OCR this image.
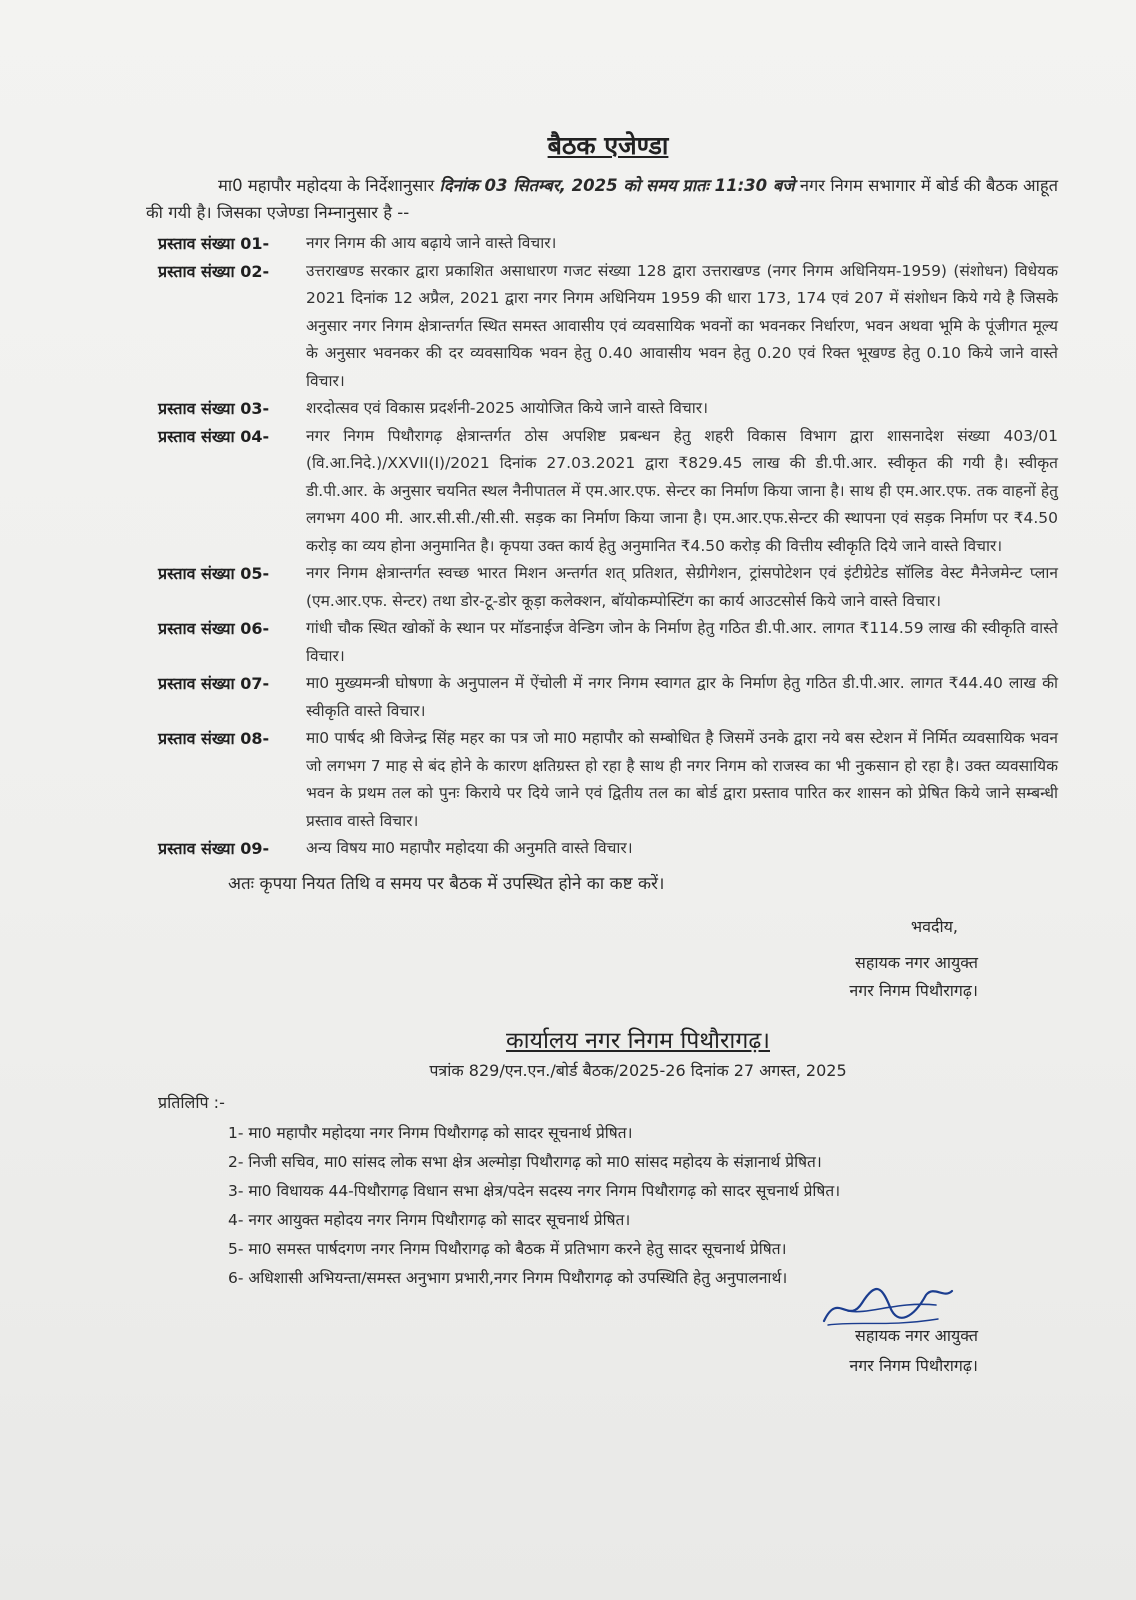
बैठक एजेण्डा
मा0 महापौर महोदया के निर्देशानुसार दिनांक 03 सितम्बर, 2025 को समय प्रातः 11:30 बजे नगर निगम सभागार में बोर्ड की बैठक आहूत की गयी है। जिसका एजेण्डा निम्नानुसार है --
प्रस्ताव संख्या 01-	नगर निगम की आय बढ़ाये जाने वास्ते विचार।
प्रस्ताव संख्या 02-	उत्तराखण्ड सरकार द्वारा प्रकाशित असाधारण गजट संख्या 128 द्वारा उत्तराखण्ड (नगर निगम अधिनियम-1959) (संशोधन) विधेयक 2021 दिनांक 12 अप्रैल, 2021 द्वारा नगर निगम अधिनियम 1959 की धारा 173, 174 एवं 207 में संशोधन किये गये है जिसके अनुसार नगर निगम क्षेत्रान्तर्गत स्थित समस्त आवासीय एवं व्यवसायिक भवनों का भवनकर निर्धारण, भवन अथवा भूमि के पूंजीगत मूल्य के अनुसार भवनकर की दर व्यवसायिक भवन हेतु 0.40 आवासीय भवन हेतु 0.20 एवं रिक्त भूखण्ड हेतु 0.10 किये जाने वास्ते विचार।
प्रस्ताव संख्या 03-	शरदोत्सव एवं विकास प्रदर्शनी-2025 आयोजित किये जाने वास्ते विचार।
प्रस्ताव संख्या 04-	नगर निगम पिथौरागढ़ क्षेत्रान्तर्गत ठोस अपशिष्ट प्रबन्धन हेतु शहरी विकास विभाग द्वारा शासनादेश संख्या 403/01 (वि.आ.निदे.)/XXVII(I)/2021 दिनांक 27.03.2021 द्वारा ₹829.45 लाख की डी.पी.आर. स्वीकृत की गयी है। स्वीकृत डी.पी.आर. के अनुसार चयनित स्थल नैनीपातल में एम.आर.एफ. सेन्टर का निर्माण किया जाना है। साथ ही एम.आर.एफ. तक वाहनों हेतु लगभग 400 मी. आर.सी.सी./सी.सी. सड़क का निर्माण किया जाना है। एम.आर.एफ.सेन्टर की स्थापना एवं सड़क निर्माण पर ₹4.50 करोड़ का व्यय होना अनुमानित है। कृपया उक्त कार्य हेतु अनुमानित ₹4.50 करोड़ की वित्तीय स्वीकृति दिये जाने वास्ते विचार।
प्रस्ताव संख्या 05-	नगर निगम क्षेत्रान्तर्गत स्वच्छ भारत मिशन अन्तर्गत शत् प्रतिशत, सेग्रीगेशन, ट्रांसपोटेशन एवं इंटीग्रेटेड सॉलिड वेस्ट मैनेजमेन्ट प्लान (एम.आर.एफ. सेन्टर) तथा डोर-टू-डोर कूड़ा कलेक्शन, बॉयोकम्पोस्टिंग का कार्य आउटसोर्स किये जाने वास्ते विचार।
प्रस्ताव संख्या 06-	गांधी चौक स्थित खोकों के स्थान पर मॉडनाईज वेन्डिग जोन के निर्माण हेतु गठित डी.पी.आर. लागत ₹114.59 लाख की स्वीकृति वास्ते विचार।
प्रस्ताव संख्या 07-	मा0 मुख्यमन्त्री घोषणा के अनुपालन में ऐंचोली में नगर निगम स्वागत द्वार के निर्माण हेतु गठित डी.पी.आर. लागत ₹44.40 लाख की स्वीकृति वास्ते विचार।
प्रस्ताव संख्या 08-	मा0 पार्षद श्री विजेन्द्र सिंह महर का पत्र जो मा0 महापौर को सम्बोधित है जिसमें उनके द्वारा नये बस स्टेशन में निर्मित व्यवसायिक भवन जो लगभग 7 माह से बंद होने के कारण क्षतिग्रस्त हो रहा है साथ ही नगर निगम को राजस्व का भी नुकसान हो रहा है। उक्त व्यवसायिक भवन के प्रथम तल को पुनः किराये पर दिये जाने एवं द्वितीय तल का बोर्ड द्वारा प्रस्ताव पारित कर शासन को प्रेषित किये जाने सम्बन्धी प्रस्ताव वास्ते विचार।
प्रस्ताव संख्या 09-	अन्य विषय मा0 महापौर महोदया की अनुमति वास्ते विचार।
अतः कृपया नियत तिथि व समय पर बैठक में उपस्थित होने का कष्ट करें।
भवदीय,
सहायक नगर आयुक्त
नगर निगम पिथौरागढ़।
कार्यालय नगर निगम पिथौरागढ़।
पत्रांक 829/एन.एन./बोर्ड बैठक/2025-26 दिनांक 27 अगस्त, 2025
प्रतिलिपि :-
1- मा0 महापौर महोदया नगर निगम पिथौरागढ़ को सादर सूचनार्थ प्रेषित।
2- निजी सचिव, मा0 सांसद लोक सभा क्षेत्र अल्मोड़ा पिथौरागढ़ को मा0 सांसद महोदय के संज्ञानार्थ प्रेषित।
3- मा0 विधायक 44-पिथौरागढ़ विधान सभा क्षेत्र/पदेन सदस्य नगर निगम पिथौरागढ़ को सादर सूचनार्थ प्रेषित।
4- नगर आयुक्त महोदय नगर निगम पिथौरागढ़ को सादर सूचनार्थ प्रेषित।
5- मा0 समस्त पार्षदगण नगर निगम पिथौरागढ़ को बैठक में प्रतिभाग करने हेतु सादर सूचनार्थ प्रेषित।
6- अधिशासी अभियन्ता/समस्त अनुभाग प्रभारी,नगर निगम पिथौरागढ़ को उपस्थिति हेतु अनुपालनार्थ।
सहायक नगर आयुक्त
नगर निगम पिथौरागढ़।
